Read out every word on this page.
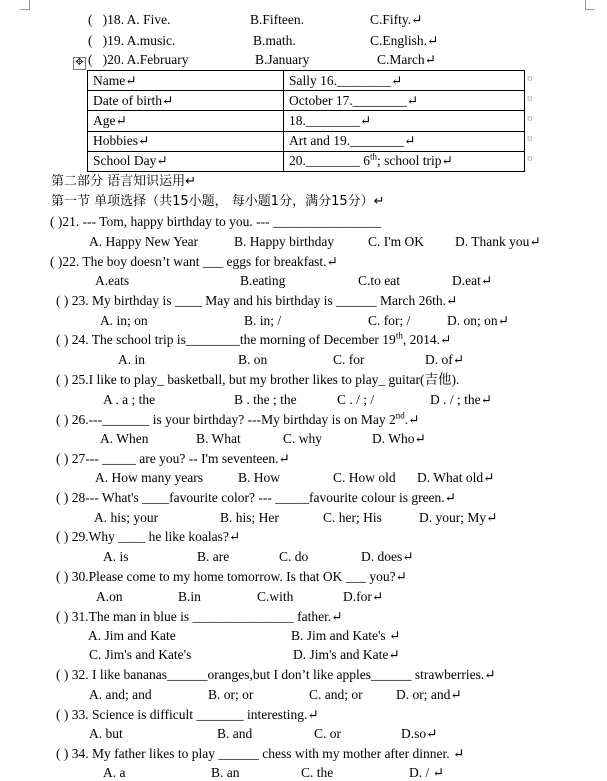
(   )18. A. Five.	B.Fifteen.	C.Fifty.↵
(   )19. A.music.	B.math.	C.English.↵
✥ (   )20. A.February	B.January	C.March↵
Name↵	Sally 16.________↵
Date of birth↵	October 17.________↵
Age↵	18.________↵
Hobbies↵	Art and 19.________↵
School Day↵	20.________ 6th; school trip↵
¤
¤
¤
¤
¤
第二部分 语言知识运用↵
第一节 单项选择（共15小题， 每小题1分，满分15分）↵
( )21. --- Tom, happy birthday to you. --- ________________
A. Happy New Year	B. Happy birthday	C. I'm OK D. Thank you↵
( )22. The boy doesn’t want ___ eggs for breakfast.↵
A.eats	B.eating	C.to eat	D.eat↵
( ) 23. My birthday is ____ May and his birthday is ______ March 26th.↵
A. in; on	B. in; /	C. for; /	D. on; on↵
( ) 24. The school trip is________the morning of December 19th, 2014.↵
A. in	B. on	C. for	D. of↵
( ) 25.I like to play_ basketball, but my brother likes to play_ guitar(吉他).
A . a ; the	B . the ; the	C . / ; /	D . / ; the↵
( ) 26.---_______ is your birthday? ---My birthday is on May 2nd.↵
A. When	B. What	C. why	D. Who↵
( ) 27--- _____ are you? -- I'm seventeen.↵
A. How many years	B. How	C. How old D. What old↵
( ) 28--- What's ____favourite color? --- _____favourite colour is green.↵
A. his; your	B. his; Her	C. her; His	D. your; My↵
( ) 29.Why ____ he like koalas?↵
A. is	B. are	C. do	D. does↵
( ) 30.Please come to my home tomorrow. Is that OK ___ you?↵
A.on	B.in	C.with	D.for↵
( ) 31.The man in blue is _______________ father.↵
A. Jim and Kate	B. Jim and Kate's ↵
C. Jim's and Kate's	D. Jim's and Kate↵
( ) 32. I like bananas______oranges,but I don’t like apples______ strawberries.↵
A. and; and	B. or; or	C. and; or D. or; and↵
( ) 33. Science is difficult _______ interesting.↵
A. but	B. and	C. or	D.so↵
( ) 34. My father likes to play ______ chess with my mother after dinner. ↵
A. a	B. an	C. the	D. / ↵
